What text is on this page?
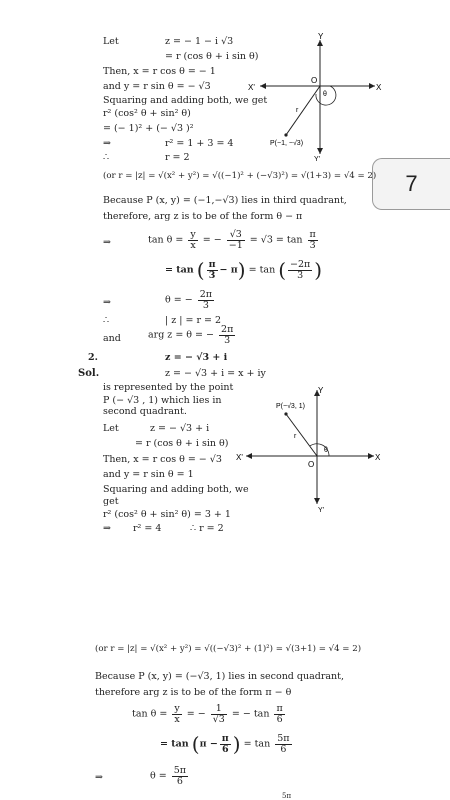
7
Let	z = − 1 − i √3
= r (cos θ + i sin θ)
Then, x = r cos θ = − 1
and y = r sin θ = − √3
Squaring and adding both, we get
r² (cos² θ + sin² θ)
= (− 1)² + (− √3 )²
⇒	r² = 1 + 3 = 4
∴	r = 2
(or r = |z| = √(x² + y²) = √((−1)² + (−√3)²) = √(1+3) = √4 = 2)
Because P (x, y) = (−1,−√3) lies in third quadrant,
therefore, arg z is to be of the form θ − π
⇒	$\tan \theta = \frac{y}{x}$ = − $\frac{√3}{-1} = √3 = \tan \frac{\pi}{3}$
= tan ( $\frac{\pi}{3} - \pi) = \tan$ ( $\frac{-2\pi}{3}$ )
⇒	θ = − $\frac{2\pi}{3}$
∴	| z | = r = 2
and	arg z = θ = − $\frac{2\pi}{3}$
Y
X
X'
Y'
O
θ
r
P(−1, −√3)
2.	z = − √3 + i
Sol.	z = − √3 + i = x + iy
is represented by the point
P (− √3 , 1) which lies in
second quadrant.
Let	z = − √3 + i
= r (cos θ + i sin θ)
Then, x = r cos θ = − √3
and y = r sin θ = 1
Squaring and adding both, we
get
r² (cos² θ + sin² θ) = 3 + 1
⇒ r² = 4	∴ r = 2
Y
X
X'
Y'
O
θ
r
P(−√3, 1)
(or r = |z| = √(x² + y²) = √((−√3)² + (1)²) = √(3+1) = √4 = 2)
Because P (x, y) = (−√3, 1) lies in second quadrant,
therefore arg z is to be of the form π − θ
$\tan \theta = \frac{y}{x}$ = − $\frac{1}{√3}$ = − $\tan \frac{\pi}{6}$
= $\tan (\pi - \frac{\pi}{6}$ ) = $\tan \frac{5\pi}{6}$
⇒	$\theta = \frac{5\pi}{6}$
5π
